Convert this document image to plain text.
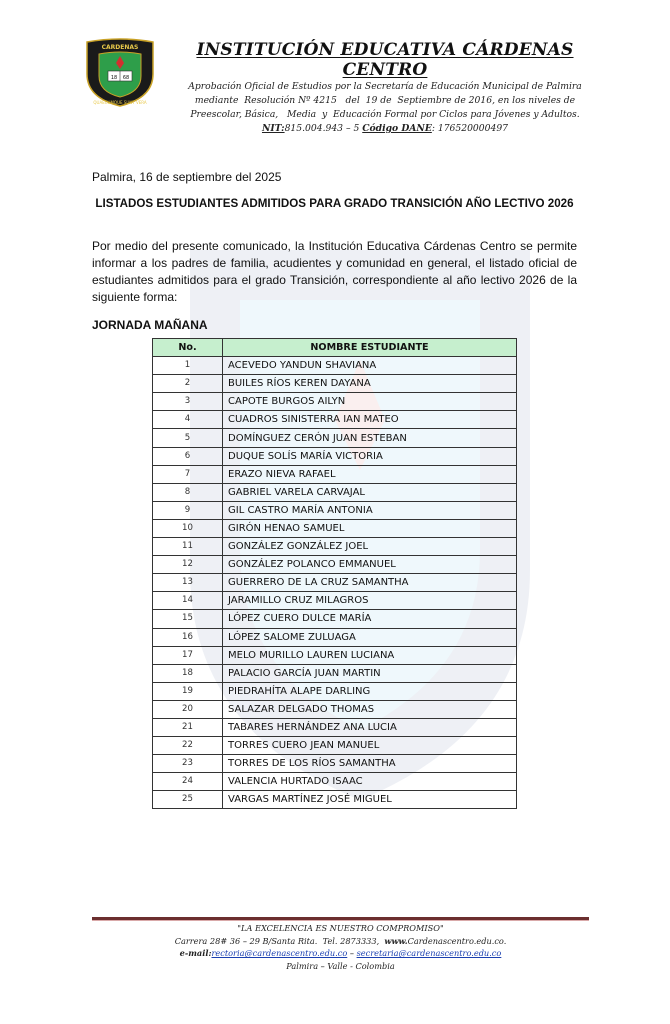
18 68
CARDENAS
QUAECUMQUE SUNT VERA
INSTITUCIÓN EDUCATIVA CÁRDENAS CENTRO
Aprobación Oficial de Estudios por la Secretaría de Educación Municipal de Palmira
mediante  Resolución Nº 4215   del  19 de  Septiembre de 2016, en los niveles de
Preescolar, Básica,   Media  y  Educación Formal por Ciclos para Jóvenes y Adultos.
NIT:815.004.943 – 5 Código DANE: 176520000497
Palmira, 16 de septiembre del 2025
LISTADOS ESTUDIANTES ADMITIDOS PARA GRADO TRANSICIÓN AÑO LECTIVO 2026
Por medio del presente comunicado, la Institución Educativa Cárdenas Centro se permite informar a los padres de familia, acudientes y comunidad en general, el listado oficial de estudiantes admitidos para el grado Transición, correspondiente al año lectivo 2026 de la siguiente forma:
JORNADA MAÑANA
No.	NOMBRE ESTUDIANTE
1	ACEVEDO YANDUN SHAVIANA
2	BUILES RÍOS KEREN DAYANA
3	CAPOTE BURGOS AILYN
4	CUADROS SINISTERRA IAN MATEO
5	DOMÍNGUEZ CERÓN JUAN ESTEBAN
6	DUQUE SOLÍS MARÍA VICTORIA
7	ERAZO NIEVA RAFAEL
8	GABRIEL VARELA CARVAJAL
9	GIL CASTRO MARÍA ANTONIA
10	GIRÓN HENAO SAMUEL
11	GONZÁLEZ GONZÁLEZ JOEL
12	GONZÁLEZ POLANCO EMMANUEL
13	GUERRERO DE LA CRUZ SAMANTHA
14	JARAMILLO CRUZ MILAGROS
15	LÓPEZ CUERO DULCE MARÍA
16	LÓPEZ SALOME ZULUAGA
17	MELO MURILLO LAUREN LUCIANA
18	PALACIO GARCÍA JUAN MARTIN
19	PIEDRAHÍTA ALAPE DARLING
20	SALAZAR DELGADO THOMAS
21	TABARES HERNÁNDEZ ANA LUCIA
22	TORRES CUERO JEAN MANUEL
23	TORRES DE LOS RÍOS SAMANTHA
24	VALENCIA HURTADO ISAAC
25	VARGAS MARTÍNEZ JOSÉ MIGUEL
"LA EXCELENCIA ES NUESTRO COMPROMISO"
Carrera 28# 36 – 29 B/Santa Rita.  Tel. 2873333,  www.Cardenascentro.edu.co.
e-mail:rectoria@cardenascentro.edu.co – secretaria@cardenascentro.edu.co
Palmira – Valle - Colombia
